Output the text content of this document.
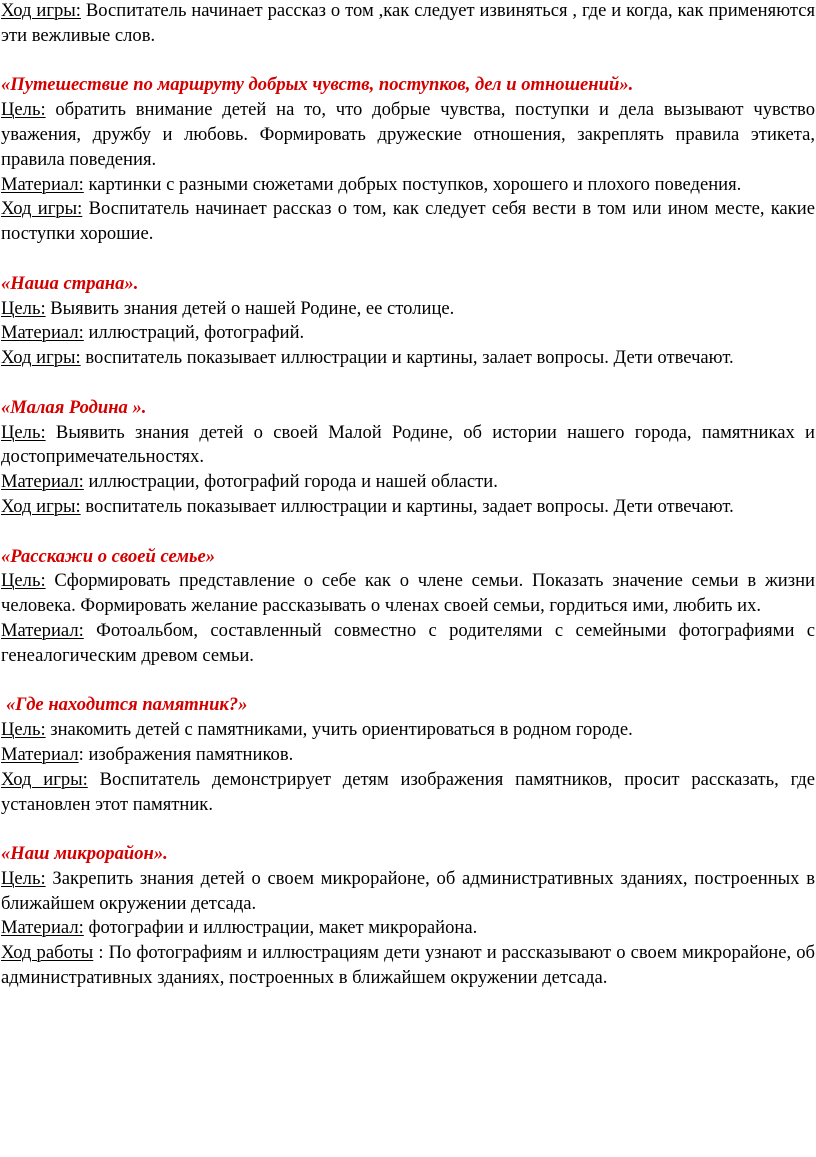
Ход игры: Воспитатель начинает рассказ о том ,как следует извиняться , где и когда, как применяются эти вежливые слов.

«Путешествие по маршруту добрых чувств, поступков, дел и отношений».

Цель: обратить внимание детей на то, что добрые чувства, поступки и дела вызывают чувство уважения, дружбу и любовь. Формировать дружеские отношения, закреплять правила этикета, правила поведения.

Материал: картинки с разными сюжетами добрых поступков, хорошего и плохого поведения.

Ход игры: Воспитатель начинает рассказ о том, как следует себя вести в том или ином месте, какие поступки хорошие.

«Наша страна».

Цель: Выявить знания детей о нашей Родине, ее столице.

Материал: иллюстраций, фотографий.

Ход игры: воспитатель показывает иллюстрации и картины, залает вопросы. Дети отвечают.

«Малая Родина ».

Цель: Выявить знания детей о своей Малой Родине, об истории нашего города, памятниках и достопримечательностях.

Материал: иллюстрации, фотографий города и нашей области.

Ход игры: воспитатель показывает иллюстрации и картины, задает вопросы. Дети отвечают.

«Расскажи о своей семье»

Цель: Сформировать представление о себе как о члене семьи. Показать значение семьи в жизни человека. Формировать желание рассказывать о членах своей семьи, гордиться ими, любить их.

Материал: Фотоальбом, составленный совместно с родителями с семейными фотографиями с генеалогическим древом семьи.

«Где находится памятник?»

Цель: знакомить детей с памятниками, учить ориентироваться в родном городе.

Материал: изображения памятников.

Ход игры: Воспитатель демонстрирует детям изображения памятников, просит рассказать, где установлен этот памятник.

«Наш микрорайон».

Цель: Закрепить знания детей о своем микрорайоне, об административных зданиях, построенных в ближайшем окружении детсада.

Материал: фотографии и иллюстрации, макет микрорайона.

Ход работы : По фотографиям и иллюстрациям дети узнают и рассказывают о своем микрорайоне, об административных зданиях, построенных в ближайшем окружении детсада.
